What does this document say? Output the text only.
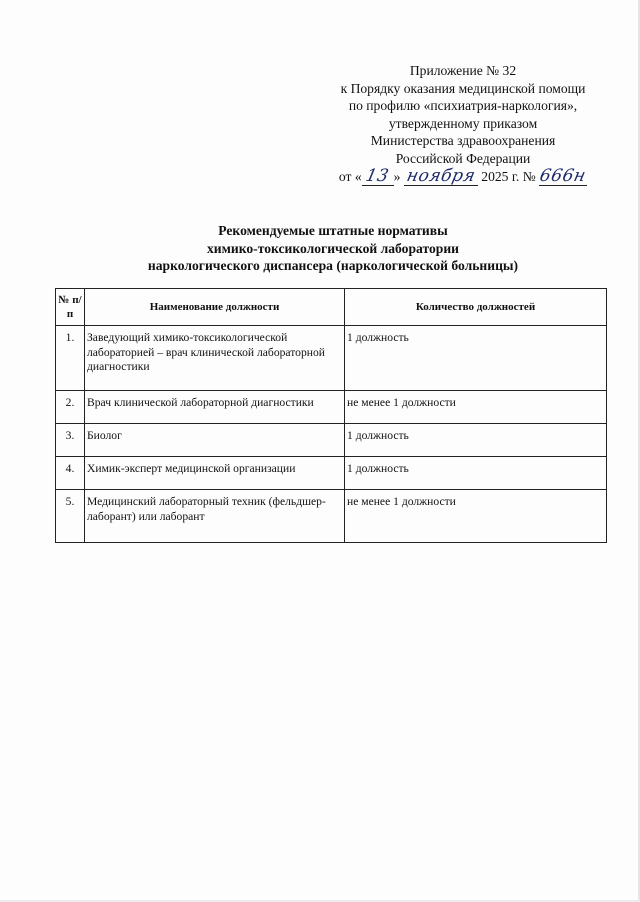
Приложение № 32
к Порядку оказания медицинской помощи
по профилю «психиатрия-наркология»,
утвержденному приказом
Министерства здравоохранения
Российской Федерации
от « 13 » ноября 2025 г. № 666н
Рекомендуемые штатные нормативы
химико-токсикологической лаборатории
наркологического диспансера (наркологической больницы)
№ п/п	Наименование должности	Количество должностей
1.	Заведующий химико-токсикологической лабораторией – врач клинической лабораторной диагностики	1 должность
2.	Врач клинической лабораторной диагностики	не менее 1 должности
3.	Биолог	1 должность
4.	Химик-эксперт медицинской организации	1 должность
5.	Медицинский лабораторный техник (фельдшер-лаборант) или лаборант	не менее 1 должности
